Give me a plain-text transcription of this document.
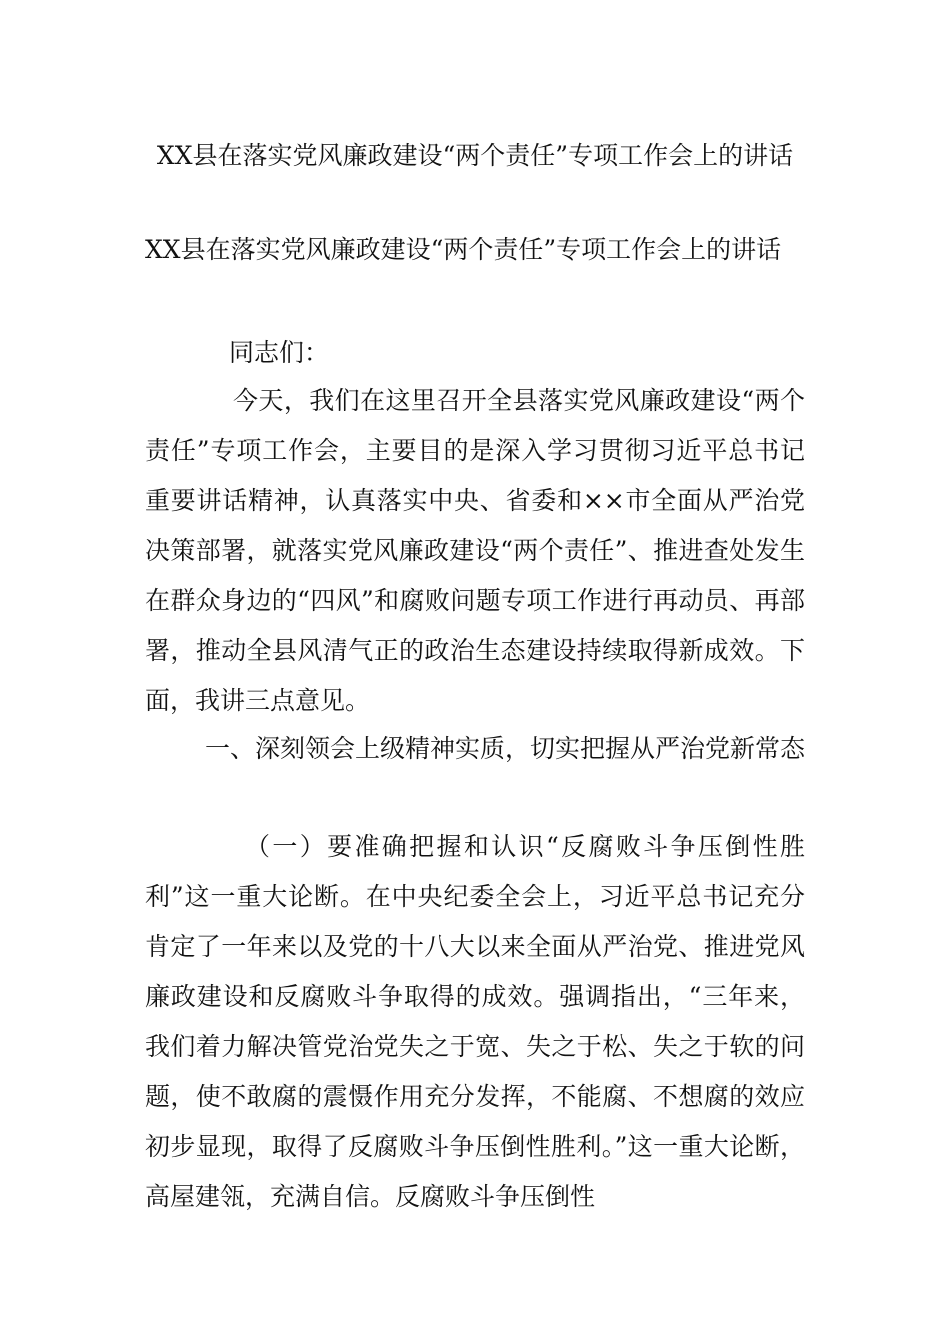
XX县在落实党风廉政建设“两个责任”专项工作会上的讲话
XX县在落实党风廉政建设“两个责任”专项工作会上的讲话
同志们：
今天，我们在这里召开全县落实党风廉政建设“两个责任”专项工作会，主要目的是深入学习贯彻习近平总书记重要讲话精神，认真落实中央、省委和××市全面从严治党决策部署，就落实党风廉政建设“两个责任”、推进查处发生在群众身边的“四风”和腐败问题专项工作进行再动员、再部署，推动全县风清气正的政治生态建设持续取得新成效。下面，我讲三点意见。
一、深刻领会上级精神实质，切实把握从严治党新常态
（一）要准确把握和认识“反腐败斗争压倒性胜利”这一重大论断。在中央纪委全会上，习近平总书记充分肯定了一年来以及党的十八大以来全面从严治党、推进党风廉政建设和反腐败斗争取得的成效。强调指出，“三年来，我们着力解决管党治党失之于宽、失之于松、失之于软的问题，使不敢腐的震慑作用充分发挥，不能腐、不想腐的效应初步显现，取得了反腐败斗争压倒性胜利。”这一重大论断，高屋建瓴，充满自信。反腐败斗争压倒性
